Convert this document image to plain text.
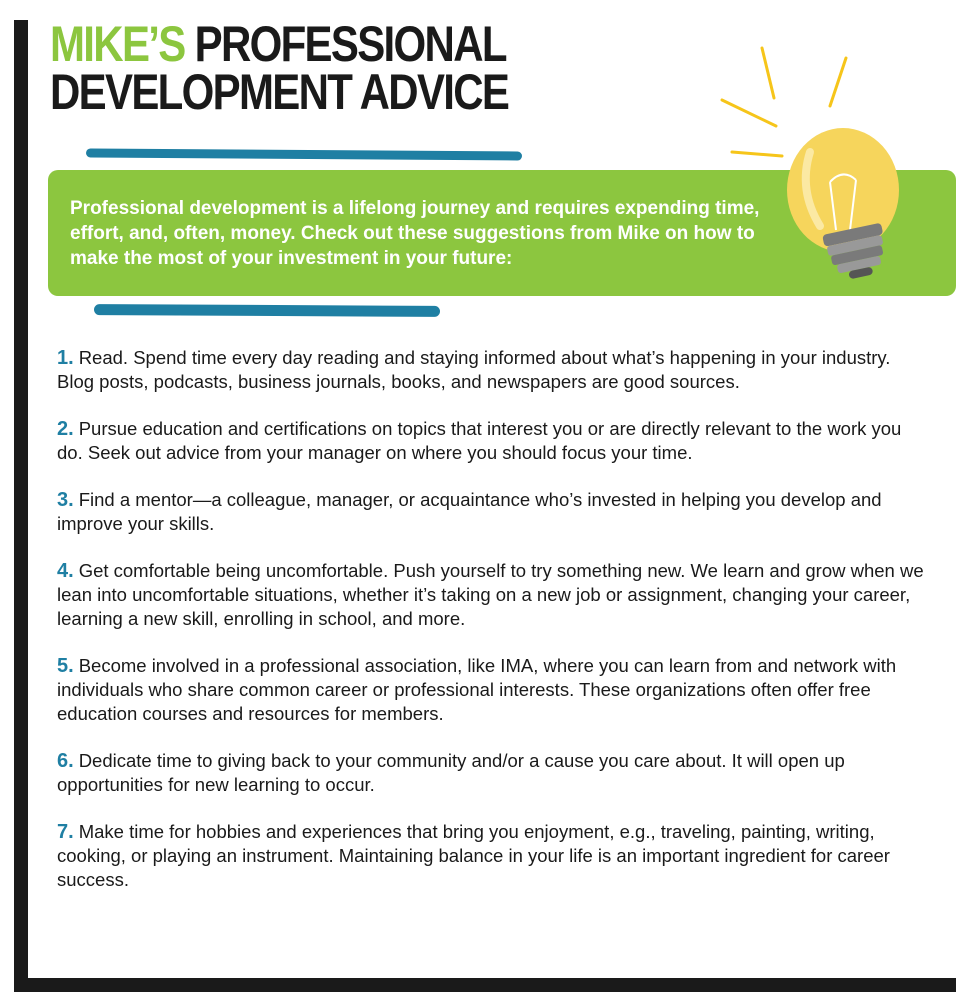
MIKE’S PROFESSIONAL
DEVELOPMENT ADVICE

Professional development is a lifelong journey and requires expending time, effort, and, often, money. Check out these suggestions from Mike on how to make the most of your investment in your future:

1. Read. Spend time every day reading and staying informed about what’s happening in your industry. Blog posts, podcasts, business journals, books, and newspapers are good sources.
2. Pursue education and certifications on topics that interest you or are directly relevant to the work you do. Seek out advice from your manager on where you should focus your time.
3. Find a mentor—a colleague, manager, or acquaintance who’s invested in helping you develop and improve your skills.
4. Get comfortable being uncomfortable. Push yourself to try something new. We learn and grow when we lean into uncomfortable situations, whether it’s taking on a new job or assignment, changing your career, learning a new skill, enrolling in school, and more.
5. Become involved in a professional association, like IMA, where you can learn from and network with individuals who share common career or professional interests. These organizations often offer free education courses and resources for members.
6. Dedicate time to giving back to your community and/or a cause you care about. It will open up opportunities for new learning to occur.
7. Make time for hobbies and experiences that bring you enjoyment, e.g., traveling, painting, writing, cooking, or playing an instrument. Maintaining balance in your life is an important ingredient for career success.
